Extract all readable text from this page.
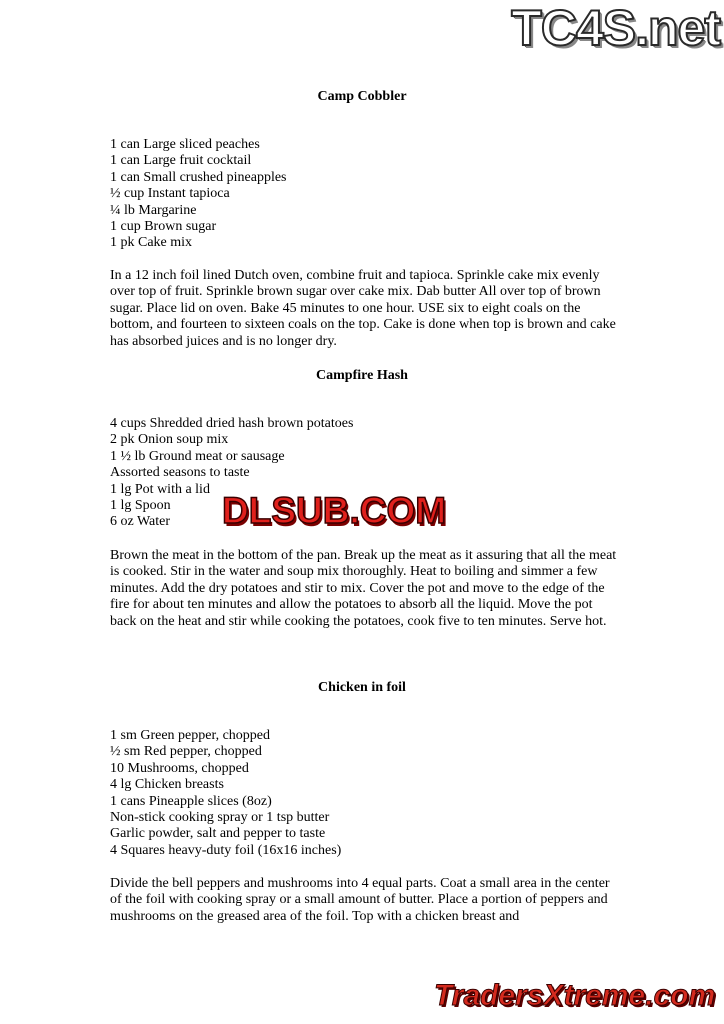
Camp Cobbler
1 can Large sliced peaches
1 can Large fruit cocktail
1 can Small crushed pineapples
½ cup Instant tapioca
¼ lb Margarine
1 cup Brown sugar
1 pk Cake mix
In a 12 inch foil lined Dutch oven, combine fruit and tapioca. Sprinkle cake mix evenly over top of fruit. Sprinkle brown sugar over cake mix. Dab butter All over top of brown sugar. Place lid on oven. Bake 45 minutes to one hour. USE six to eight coals on the bottom, and fourteen to sixteen coals on the top. Cake is done when top is brown and cake has absorbed juices and is no longer dry.
Campfire Hash
4 cups Shredded dried hash brown potatoes
2 pk Onion soup mix
1 ½ lb Ground meat or sausage
Assorted seasons to taste
1 lg Pot with a lid
1 lg Spoon
6 oz Water
Brown the meat in the bottom of the pan. Break up the meat as it assuring that all the meat is cooked. Stir in the water and soup mix thoroughly. Heat to boiling and simmer a few minutes. Add the dry potatoes and stir to mix. Cover the pot and move to the edge of the fire for about ten minutes and allow the potatoes to absorb all the liquid. Move the pot back on the heat and stir while cooking the potatoes, cook five to ten minutes. Serve hot.
Chicken in foil
1 sm Green pepper, chopped
½ sm Red pepper, chopped
10 Mushrooms, chopped
4 lg Chicken breasts
1 cans Pineapple slices (8oz)
Non-stick cooking spray or 1 tsp butter
Garlic powder, salt and pepper to taste
4 Squares heavy-duty foil (16x16 inches)
Divide the bell peppers and mushrooms into 4 equal parts. Coat a small area in the center of the foil with cooking spray or a small amount of butter. Place a portion of peppers and mushrooms on the greased area of the foil. Top with a chicken breast and
TC4S.net
DLSUB.COM
TradersXtreme.com
